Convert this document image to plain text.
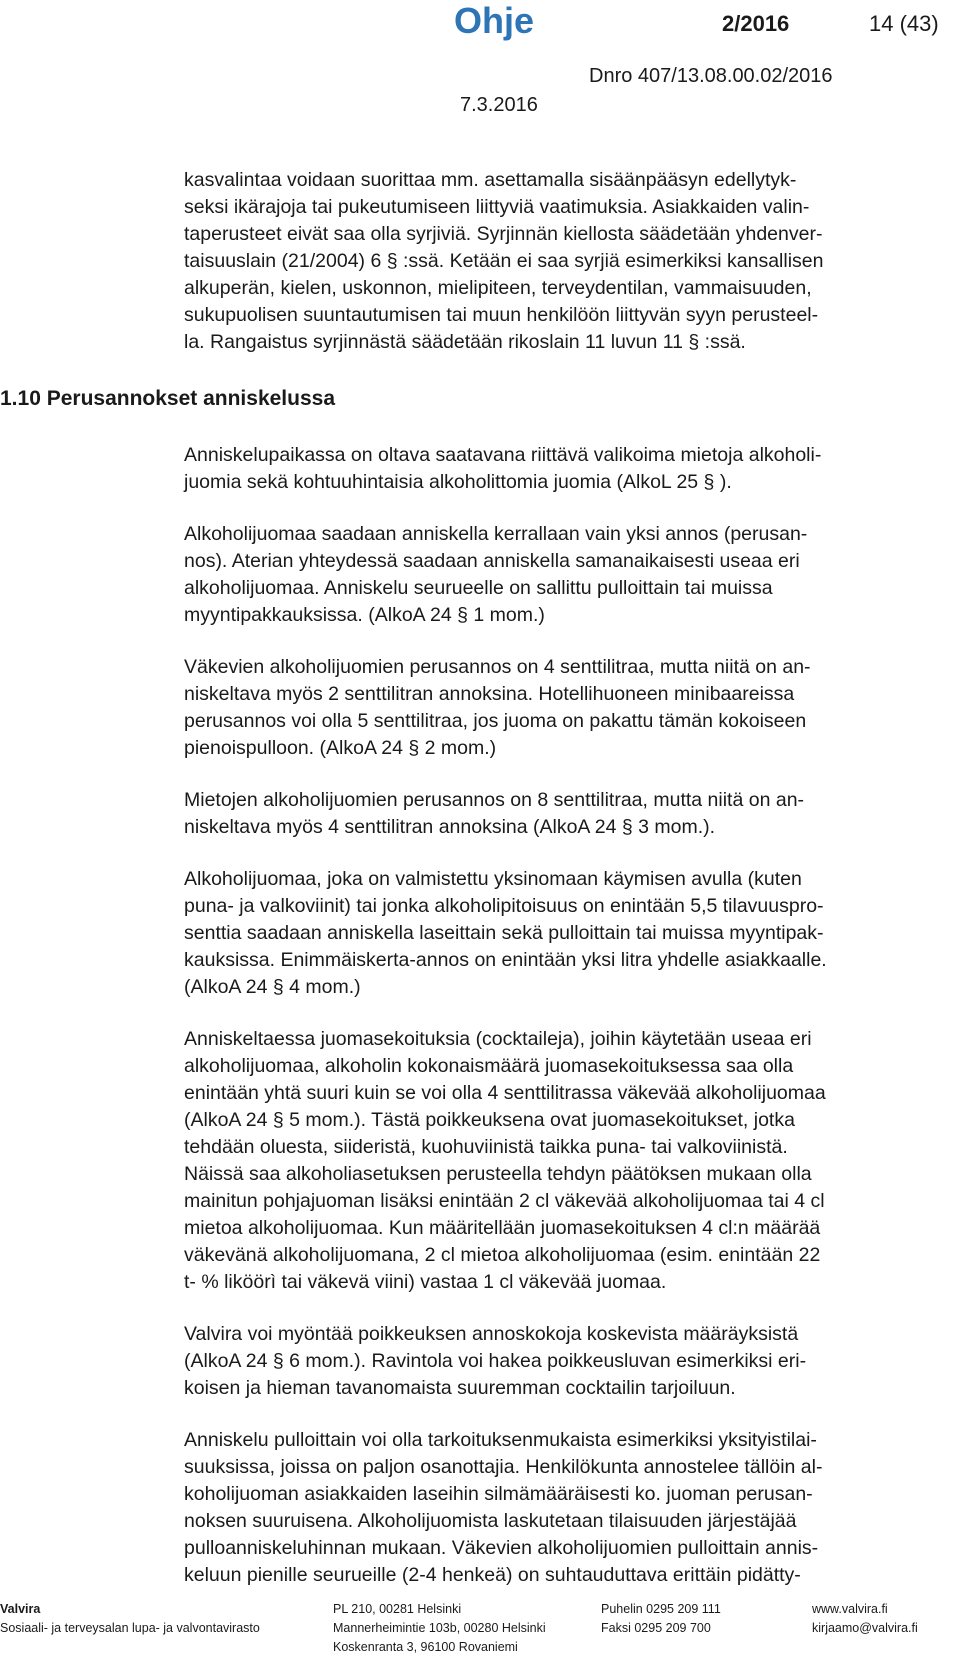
Ohje	2/2016	14 (43)
Dnro 407/13.08.00.02/2016
7.3.2016
1.10 Perusannokset anniskelussa
kasvalintaa voidaan suorittaa mm. asettamalla sisäänpääsyn edellytyk-
seksi ikärajoja tai pukeutumiseen liittyviä vaatimuksia. Asiakkaiden valin-
taperusteet eivät saa olla syrjiviä. Syrjinnän kiellosta säädetään yhdenver-
taisuuslain (21/2004) 6 § :ssä. Ketään ei saa syrjiä esimerkiksi kansallisen
alkuperän, kielen, uskonnon, mielipiteen, terveydentilan, vammaisuuden,
sukupuolisen suuntautumisen tai muun henkilöön liittyvän syyn perusteel-
la. Rangaistus syrjinnästä säädetään rikoslain 11 luvun 11 § :ssä.
Anniskelupaikassa on oltava saatavana riittävä valikoima mietoja alkoholi-
juomia sekä kohtuuhintaisia alkoholittomia juomia (AlkoL 25 § ).
Alkoholijuomaa saadaan anniskella kerrallaan vain yksi annos (perusan-
nos). Aterian yhteydessä saadaan anniskella samanaikaisesti useaa eri
alkoholijuomaa. Anniskelu seurueelle on sallittu pulloittain tai muissa
myyntipakkauksissa. (AlkoA 24 § 1 mom.)
Väkevien alkoholijuomien perusannos on 4 senttilitraa, mutta niitä on an-
niskeltava myös 2 senttilitran annoksina. Hotellihuoneen minibaareissa
perusannos voi olla 5 senttilitraa, jos juoma on pakattu tämän kokoiseen
pienoispulloon. (AlkoA 24 § 2 mom.)
Mietojen alkoholijuomien perusannos on 8 senttilitraa, mutta niitä on an-
niskeltava myös 4 senttilitran annoksina (AlkoA 24 § 3 mom.).
Alkoholijuomaa, joka on valmistettu yksinomaan käymisen avulla (kuten
puna- ja valkoviinit) tai jonka alkoholipitoisuus on enintään 5,5 tilavuuspro-
senttia saadaan anniskella laseittain sekä pulloittain tai muissa myyntipak-
kauksissa. Enimmäiskerta-annos on enintään yksi litra yhdelle asiakkaalle.
(AlkoA 24 § 4 mom.)
Anniskeltaessa juomasekoituksia (cocktaileja), joihin käytetään useaa eri
alkoholijuomaa, alkoholin kokonaismäärä juomasekoituksessa saa olla
enintään yhtä suuri kuin se voi olla 4 senttilitrassa väkevää alkoholijuomaa
(AlkoA 24 § 5 mom.). Tästä poikkeuksena ovat juomasekoitukset, jotka
tehdään oluesta, siideristä, kuohuviinistä taikka puna- tai valkoviinistä.
Näissä saa alkoholiasetuksen perusteella tehdyn päätöksen mukaan olla
mainitun pohjajuoman lisäksi enintään 2 cl väkevää alkoholijuomaa tai 4 cl
mietoa alkoholijuomaa. Kun määritellään juomasekoituksen 4 cl:n määrää
väkevänä alkoholijuomana, 2 cl mietoa alkoholijuomaa (esim. enintään 22
t- % liköörì tai väkevä viini) vastaa 1 cl väkevää juomaa.
Valvira voi myöntää poikkeuksen annoskokoja koskevista määräyksistä
(AlkoA 24 § 6 mom.). Ravintola voi hakea poikkeusluvan esimerkiksi eri-
koisen ja hieman tavanomaista suuremman cocktailin tarjoiluun.
Anniskelu pulloittain voi olla tarkoituksenmukaista esimerkiksi yksityistilai-
suuksissa, joissa on paljon osanottajia. Henkilökunta annostelee tällöin al-
koholijuoman asiakkaiden laseihin silmämääräisesti ko. juoman perusan-
noksen suuruisena. Alkoholijuomista laskutetaan tilaisuuden järjestäjää
pulloanniskeluhinnan mukaan. Väkevien alkoholijuomien pulloittain annis-
keluun pienille seurueille (2-4 henkeä) on suhtauduttava erittäin pidätty-
Valvira
Sosiaali- ja terveysalan lupa- ja valvontavirasto
PL 210, 00281 Helsinki
Mannerheimintie 103b, 00280 Helsinki
Koskenranta 3, 96100 Rovaniemi
Puhelin 0295 209 111
Faksi 0295 209 700
www.valvira.fi
kirjaamo@valvira.fi
